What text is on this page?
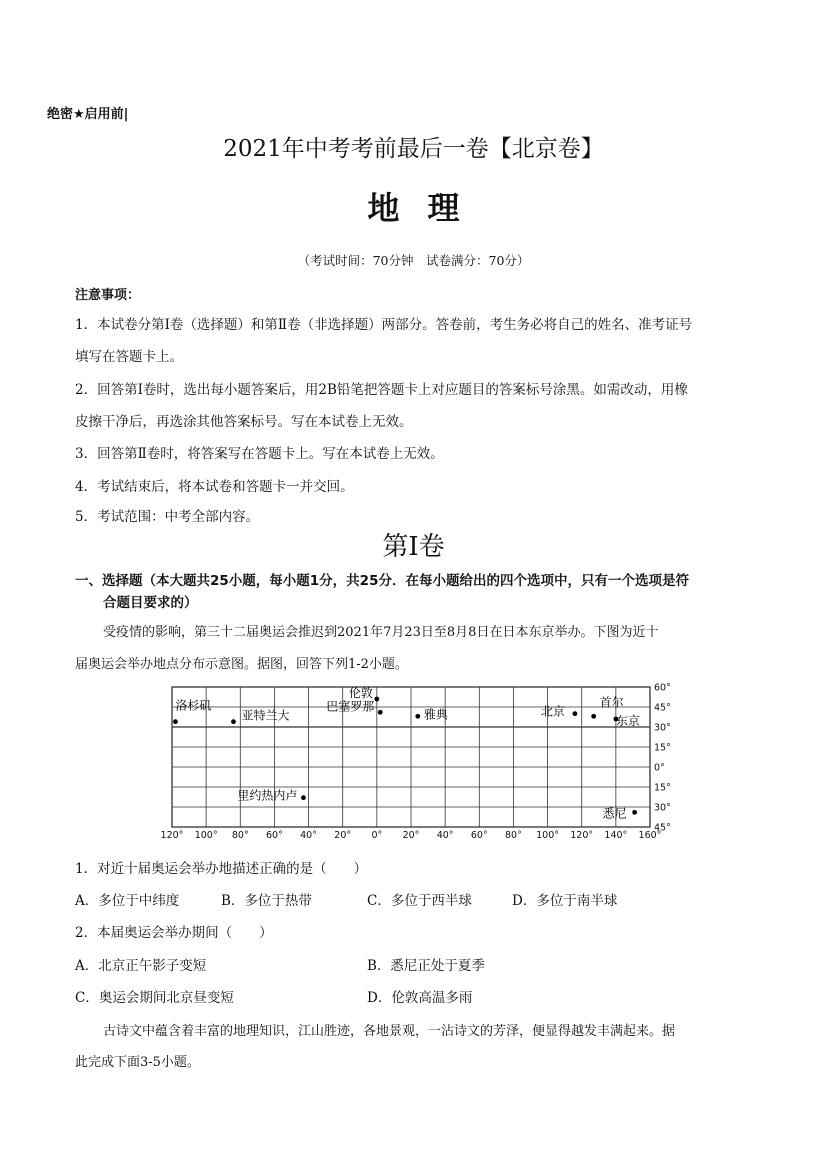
绝密★启用前|
2021年中考考前最后一卷【北京卷】
地理
（考试时间：70分钟　试卷满分：70分）
注意事项：
1．本试卷分第Ⅰ卷（选择题）和第Ⅱ卷（非选择题）两部分。答卷前，考生务必将自己的姓名、准考证号
填写在答题卡上。
2．回答第Ⅰ卷时，选出每小题答案后，用2B铅笔把答题卡上对应题目的答案标号涂黑。如需改动，用橡
皮擦干净后，再选涂其他答案标号。写在本试卷上无效。
3．回答第Ⅱ卷时，将答案写在答题卡上。写在本试卷上无效。
4．考试结束后，将本试卷和答题卡一并交回。
5．考试范围：中考全部内容。
第Ⅰ卷
一、选择题（本大题共25小题，每小题1分，共25分．在每小题给出的四个选项中，只有一个选项是符
合题目要求的）
受疫情的影响，第三十二届奥运会推迟到2021年7月23日至8月8日在日本东京举办。下图为近十
届奥运会举办地点分布示意图。据图，回答下列1-2小题。
洛杉矶
亚特兰大
伦敦
巴塞罗那
雅典	北京
首尔
东京
里约热内卢
悉尼
120° 100° 80° 60° 40° 20° 0° 20° 40° 60° 80° 100° 120° 140° 160°
60°
45°
30°
15°
0°
15°
30°
45°
1．对近十届奥运会举办地描述正确的是（　　）
A．多位于中纬度	B．多位于热带	C．多位于西半球	D．多位于南半球
2．本届奥运会举办期间（　　）
A．北京正午影子变短	B．悉尼正处于夏季
C．奥运会期间北京昼变短	D．伦敦高温多雨
古诗文中蕴含着丰富的地理知识，江山胜迹，各地景观，一沾诗文的芳泽，便显得越发丰满起来。据
此完成下面3-5小题。
